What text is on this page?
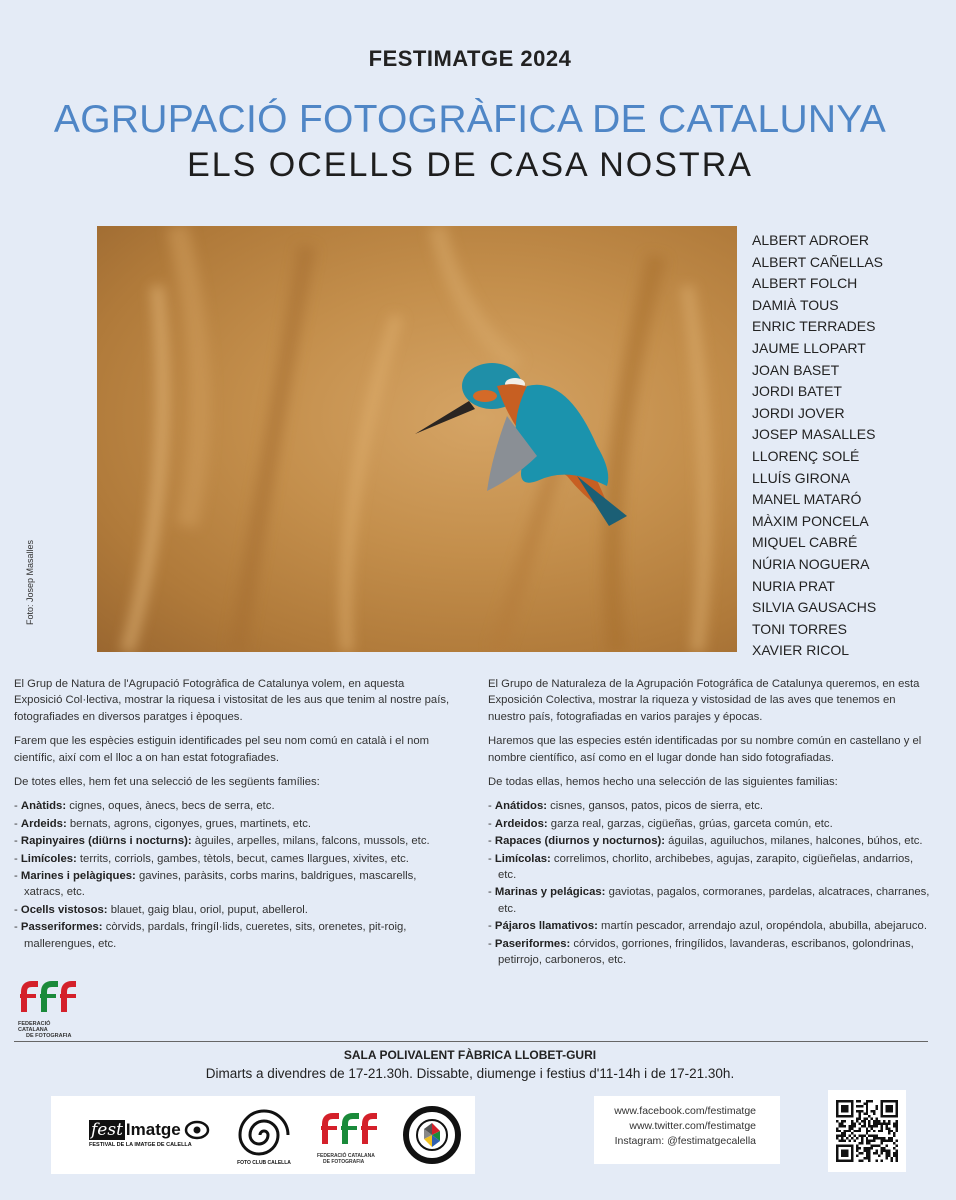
FESTIMATGE 2024
AGRUPACIÓ FOTOGRÀFICA DE CATALUNYA
ELS OCELLS DE CASA NOSTRA
Foto: Josep Masalles
ALBERT ADROER
ALBERT CAÑELLAS
ALBERT FOLCH
DAMIÀ TOUS
ENRIC TERRADES
JAUME LLOPART
JOAN BASET
JORDI BATET
JORDI JOVER
JOSEP MASALLES
LLORENÇ SOLÉ
LLUÍS GIRONA
MANEL MATARÓ
MÀXIM PONCELA
MIQUEL CABRÉ
NÚRIA NOGUERA
NURIA PRAT
SILVIA GAUSACHS
TONI TORRES
XAVIER RICOL

El Grup de Natura de l'Agrupació Fotogràfica de Catalunya volem, en aquesta Exposició Col·lectiva, mostrar la riquesa i vistositat de les aus que tenim al nostre país, fotografiades en diversos paratges i èpoques.

Farem que les espècies estiguin identificades pel seu nom comú en català i el nom científic, així com el lloc a on han estat fotografiades.

De totes elles, hem fet una selecció de les següents famílies:

- Anàtids: cignes, oques, ànecs, becs de serra, etc.
- Ardeids: bernats, agrons, cigonyes, grues, martinets, etc.
- Rapinyaires (diürns i nocturns): àguiles, arpelles, milans, falcons, mussols, etc.
- Limícoles: territs, corriols, gambes, tètols, becut, cames llargues, xivites, etc.
- Marines i pelàgiques: gavines, paràsits, corbs marins, baldrigues, mascarells, xatracs, etc.
- Ocells vistosos: blauet, gaig blau, oriol, puput, abellerol.
- Passeriformes: còrvids, pardals, fringíl·lids, cueretes, sits, orenetes, pit-roig, mallerengues, etc.

El Grupo de Naturaleza de la Agrupación Fotográfica de Catalunya queremos, en esta Exposición Colectiva, mostrar la riqueza y vistosidad de las aves que tenemos en nuestro país, fotografiadas en varios parajes y épocas.

Haremos que las especies estén identificadas por su nombre común en castellano y el nombre científico, así como en el lugar donde han sido fotografiadas.

De todas ellas, hemos hecho una selección de las siguientes familias:

- Anátidos: cisnes, gansos, patos, picos de sierra, etc.
- Ardeidos: garza real, garzas, cigüeñas, grúas, garceta común, etc.
- Rapaces (diurnos y nocturnos): águilas, aguiluchos, milanes, halcones, búhos, etc.
- Limícolas: correlimos, chorlito, archibebes, agujas, zarapito, cigüeñelas, andarrios, etc.
- Marinas y pelágicas: gaviotas, pagalos, cormoranes, pardelas, alcatraces, charranes, etc.
- Pájaros llamativos: martín pescador, arrendajo azul, oropéndola, abubilla, abejaruco.
- Paseriformes: córvidos, gorriones, fringílidos, lavanderas, escribanos, golondrinas, petirrojo, carboneros, etc.
FEDERACIÓ CATALANA
DE FOTOGRAFIA
SALA POLIVALENT FÀBRICA LLOBET-GURI
Dimarts a divendres de 17-21.30h. Dissabte, diumenge i festius d'11-14h i de 17-21.30h.
fest Imatge
FESTIVAL DE LA IMATGE DE CALELLA
FOTO CLUB CALELLA
FEDERACIÓ CATALANA
DE FOTOGRAFIA
www.facebook.com/festimatge
www.twitter.com/festimatge
Instagram: @festimatgecalella
